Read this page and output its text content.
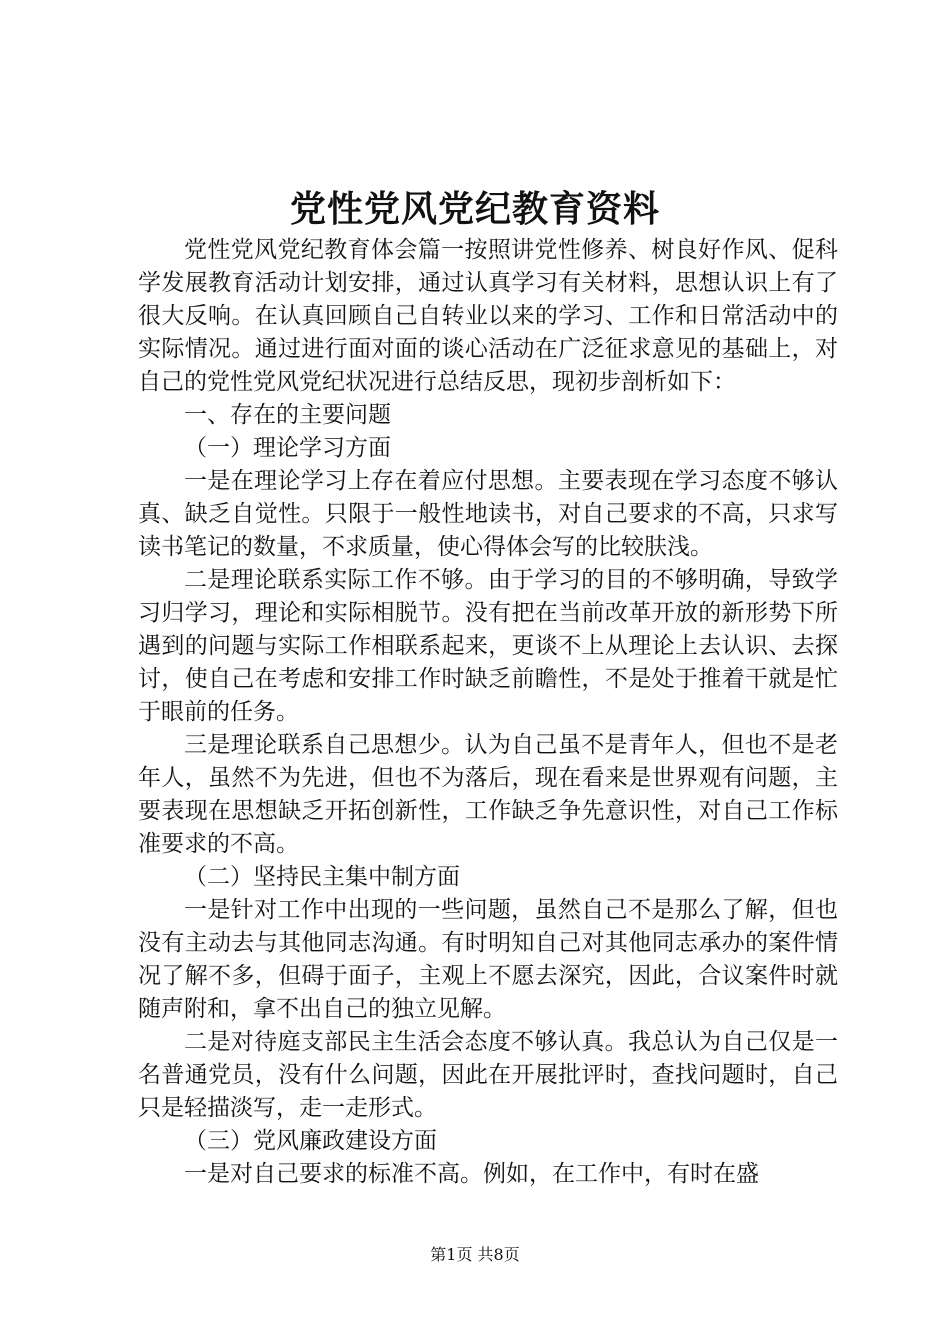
党性党风党纪教育资料

党性党风党纪教育体会篇一按照讲党性修养、树良好作风、促科学发展教育活动计划安排，通过认真学习有关材料，思想认识上有了很大反响。在认真回顾自己自转业以来的学习、工作和日常活动中的实际情况。通过进行面对面的谈心活动在广泛征求意见的基础上，对自己的党性党风党纪状况进行总结反思，现初步剖析如下：

一、存在的主要问题

（一）理论学习方面

一是在理论学习上存在着应付思想。主要表现在学习态度不够认真、缺乏自觉性。只限于一般性地读书，对自己要求的不高，只求写读书笔记的数量，不求质量，使心得体会写的比较肤浅。

二是理论联系实际工作不够。由于学习的目的不够明确，导致学习归学习，理论和实际相脱节。没有把在当前改革开放的新形势下所遇到的问题与实际工作相联系起来，更谈不上从理论上去认识、去探讨，使自己在考虑和安排工作时缺乏前瞻性，不是处于推着干就是忙于眼前的任务。

三是理论联系自己思想少。认为自己虽不是青年人，但也不是老年人，虽然不为先进，但也不为落后，现在看来是世界观有问题，主要表现在思想缺乏开拓创新性，工作缺乏争先意识性，对自己工作标准要求的不高。

（二）坚持民主集中制方面

一是针对工作中出现的一些问题，虽然自己不是那么了解，但也没有主动去与其他同志沟通。有时明知自己对其他同志承办的案件情况了解不多，但碍于面子，主观上不愿去深究，因此，合议案件时就随声附和，拿不出自己的独立见解。

二是对待庭支部民主生活会态度不够认真。我总认为自己仅是一名普通党员，没有什么问题，因此在开展批评时，查找问题时，自己只是轻描淡写，走一走形式。

（三）党风廉政建设方面

一是对自己要求的标准不高。例如，在工作中，有时在盛

第1页 共8页
